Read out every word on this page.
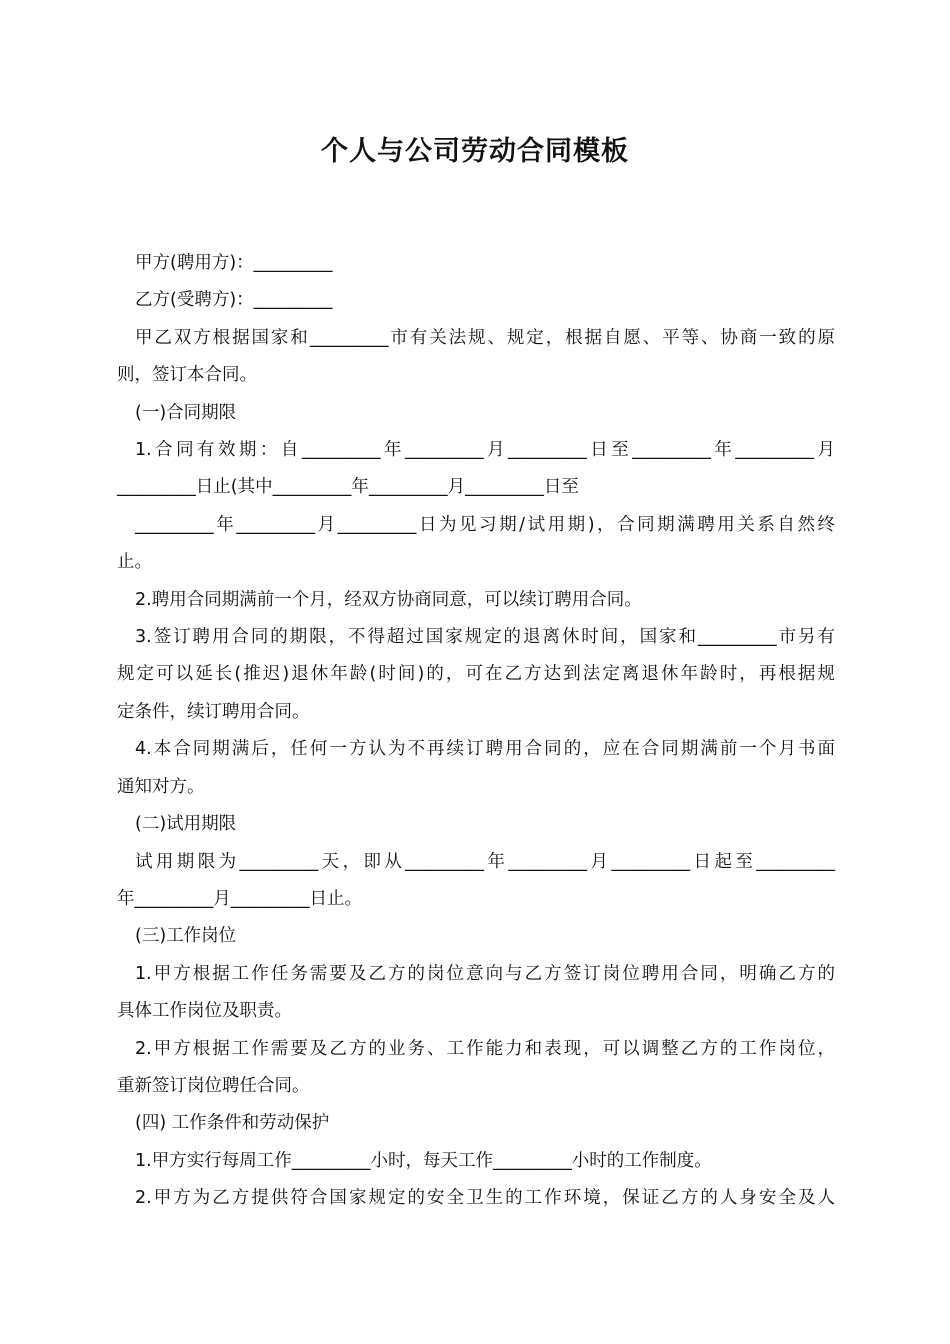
个人与公司劳动合同模板

甲方(聘用方)：_________

乙方(受聘方)：_________

甲乙双方根据国家和_________市有关法规、规定，根据自愿、平等、协商一致的原

则，签订本合同。

(一)合同期限

1.合同有效期：自_________年_________月_________日至_________年_________月

_________日止(其中_________年_________月_________日至

_________年_________月_________日为见习期/试用期)，合同期满聘用关系自然终

止。

2.聘用合同期满前一个月，经双方协商同意，可以续订聘用合同。

3.签订聘用合同的期限，不得超过国家规定的退离休时间，国家和_________市另有

规定可以延长(推迟)退休年龄(时间)的，可在乙方达到法定离退休年龄时，再根据规

定条件，续订聘用合同。

4.本合同期满后，任何一方认为不再续订聘用合同的，应在合同期满前一个月书面

通知对方。

(二)试用期限

试用期限为_________天，即从_________年_________月_________日起至_________

年_________月_________日止。

(三)工作岗位

1.甲方根据工作任务需要及乙方的岗位意向与乙方签订岗位聘用合同，明确乙方的

具体工作岗位及职责。

2.甲方根据工作需要及乙方的业务、工作能力和表现，可以调整乙方的工作岗位，

重新签订岗位聘任合同。

(四) 工作条件和劳动保护

1.甲方实行每周工作_________小时，每天工作_________小时的工作制度。

2.甲方为乙方提供符合国家规定的安全卫生的工作环境，保证乙方的人身安全及人
